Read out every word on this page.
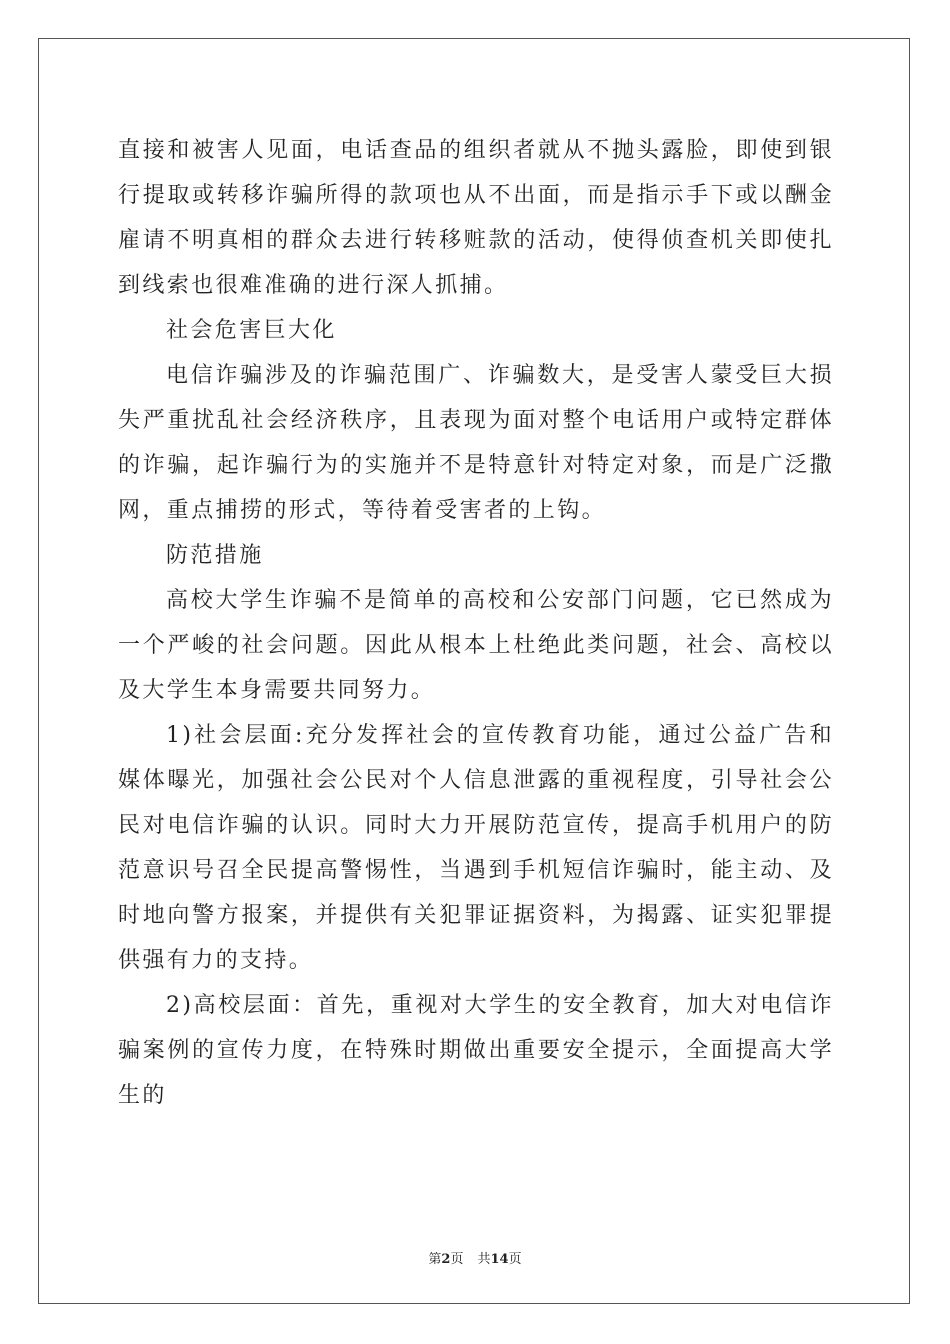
直接和被害人见面，电话查品的组织者就从不抛头露脸，即使到银行提取或转移诈骗所得的款项也从不出面，而是指示手下或以酬金雇请不明真相的群众去进行转移赃款的活动，使得侦查机关即使扎到线索也很难准确的进行深人抓捕。

社会危害巨大化

电信诈骗涉及的诈骗范围广、诈骗数大，是受害人蒙受巨大损失严重扰乱社会经济秩序，且表现为面对整个电话用户或特定群体的诈骗，起诈骗行为的实施并不是特意针对特定对象，而是广泛撒网，重点捕捞的形式，等待着受害者的上钩。

防范措施

高校大学生诈骗不是简单的高校和公安部门问题，它已然成为一个严峻的社会问题。因此从根本上杜绝此类问题，社会、高校以及大学生本身需要共同努力。

1)社会层面:充分发挥社会的宣传教育功能，通过公益广告和媒体曝光，加强社会公民对个人信息泄露的重视程度，引导社会公民对电信诈骗的认识。同时大力开展防范宣传，提高手机用户的防范意识号召全民提高警惕性，当遇到手机短信诈骗时，能主动、及时地向警方报案，并提供有关犯罪证据资料，为揭露、证实犯罪提供强有力的支持。

2)高校层面：首先，重视对大学生的安全教育，加大对电信诈骗案例的宣传力度，在特殊时期做出重要安全提示，全面提高大学生的

第2页 共14页
